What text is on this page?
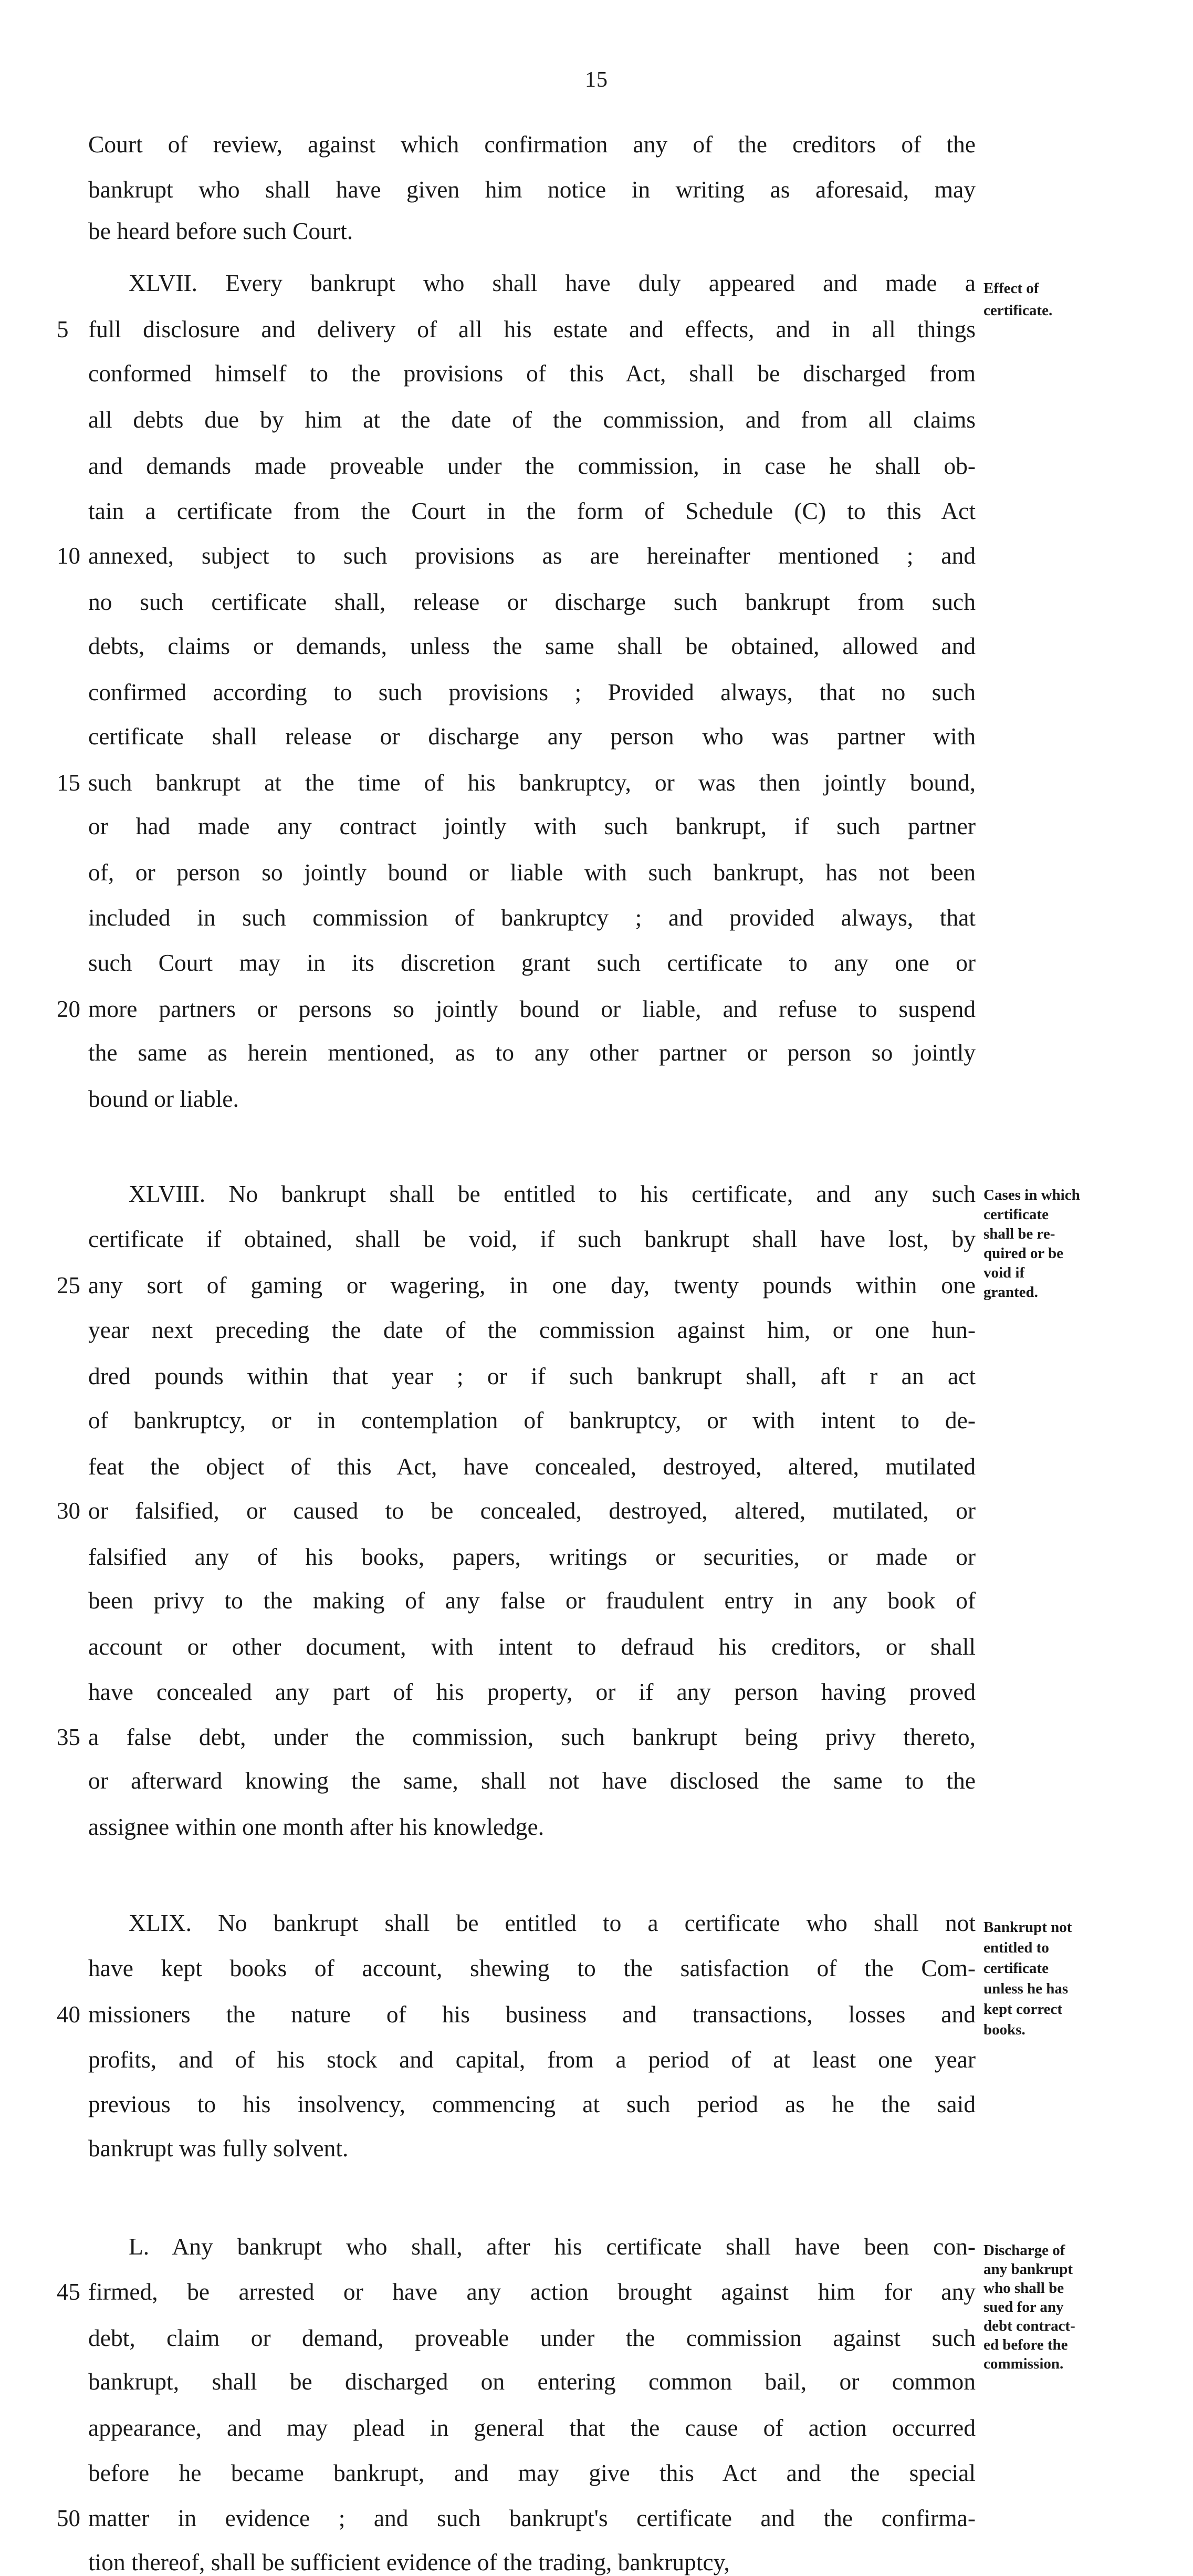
15
Court of review, against which confirmation any of the creditors of the
bankrupt who shall have given him notice in writing as aforesaid, may
be heard before such Court.
XLVII. Every bankrupt who shall have duly appeared and made a
full disclosure and delivery of all his estate and effects, and in all things
5
conformed himself to the provisions of this Act, shall be discharged from
all debts due by him at the date of the commission, and from all claims
and demands made proveable under the commission, in case he shall ob-
tain a certificate from the Court in the form of Schedule (C) to this Act
annexed, subject to such provisions as are hereinafter mentioned ; and
10
no such certificate shall, release or discharge such bankrupt from such
debts, claims or demands, unless the same shall be obtained, allowed and
confirmed according to such provisions ; Provided always, that no such
certificate shall release or discharge any person who was partner with
such bankrupt at the time of his bankruptcy, or was then jointly bound,
15
or had made any contract jointly with such bankrupt, if such partner
of, or person so jointly bound or liable with such bankrupt, has not been
included in such commission of bankruptcy ; and provided always, that
such Court may in its discretion grant such certificate to any one or
more partners or persons so jointly bound or liable, and refuse to suspend
20
the same as herein mentioned, as to any other partner or person so jointly
bound or liable.
XLVIII. No bankrupt shall be entitled to his certificate, and any such
certificate if obtained, shall be void, if such bankrupt shall have lost, by
any sort of gaming or wagering, in one day, twenty pounds within one
25
year next preceding the date of the commission against him, or one hun-
dred pounds within that year ; or if such bankrupt shall, aft r an act
of bankruptcy, or in contemplation of bankruptcy, or with intent to de-
feat the object of this Act, have concealed, destroyed, altered, mutilated
or falsified, or caused to be concealed, destroyed, altered, mutilated, or
30
falsified any of his books, papers, writings or securities, or made or
been privy to the making of any false or fraudulent entry in any book of
account or other document, with intent to defraud his creditors, or shall
have concealed any part of his property, or if any person having proved
a false debt, under the commission, such bankrupt being privy thereto,
35
or afterward knowing the same, shall not have disclosed the same to the
assignee within one month after his knowledge.
XLIX. No bankrupt shall be entitled to a certificate who shall not
have kept books of account, shewing to the satisfaction of the Com-
missioners the nature of his business and transactions, losses and
40
profits, and of his stock and capital, from a period of at least one year
previous to his insolvency, commencing at such period as he the said
bankrupt was fully solvent.
L. Any bankrupt who shall, after his certificate shall have been con-
firmed, be arrested or have any action brought against him for any
45
debt, claim or demand, proveable under the commission against such
bankrupt, shall be discharged on entering common bail, or common
appearance, and may plead in general that the cause of action occurred
before he became bankrupt, and may give this Act and the special
matter in evidence ; and such bankrupt's certificate and the confirma-
50
tion thereof, shall be sufficient evidence of the trading, bankruptcy,
Effect of
certificate.
Cases in which
certificate
shall be re-
quired or be
void if
granted.
Bankrupt not
entitled to
certificate
unless he has
kept correct
books.
Discharge of
any bankrupt
who shall be
sued for any
debt contract-
ed before the
commission.
